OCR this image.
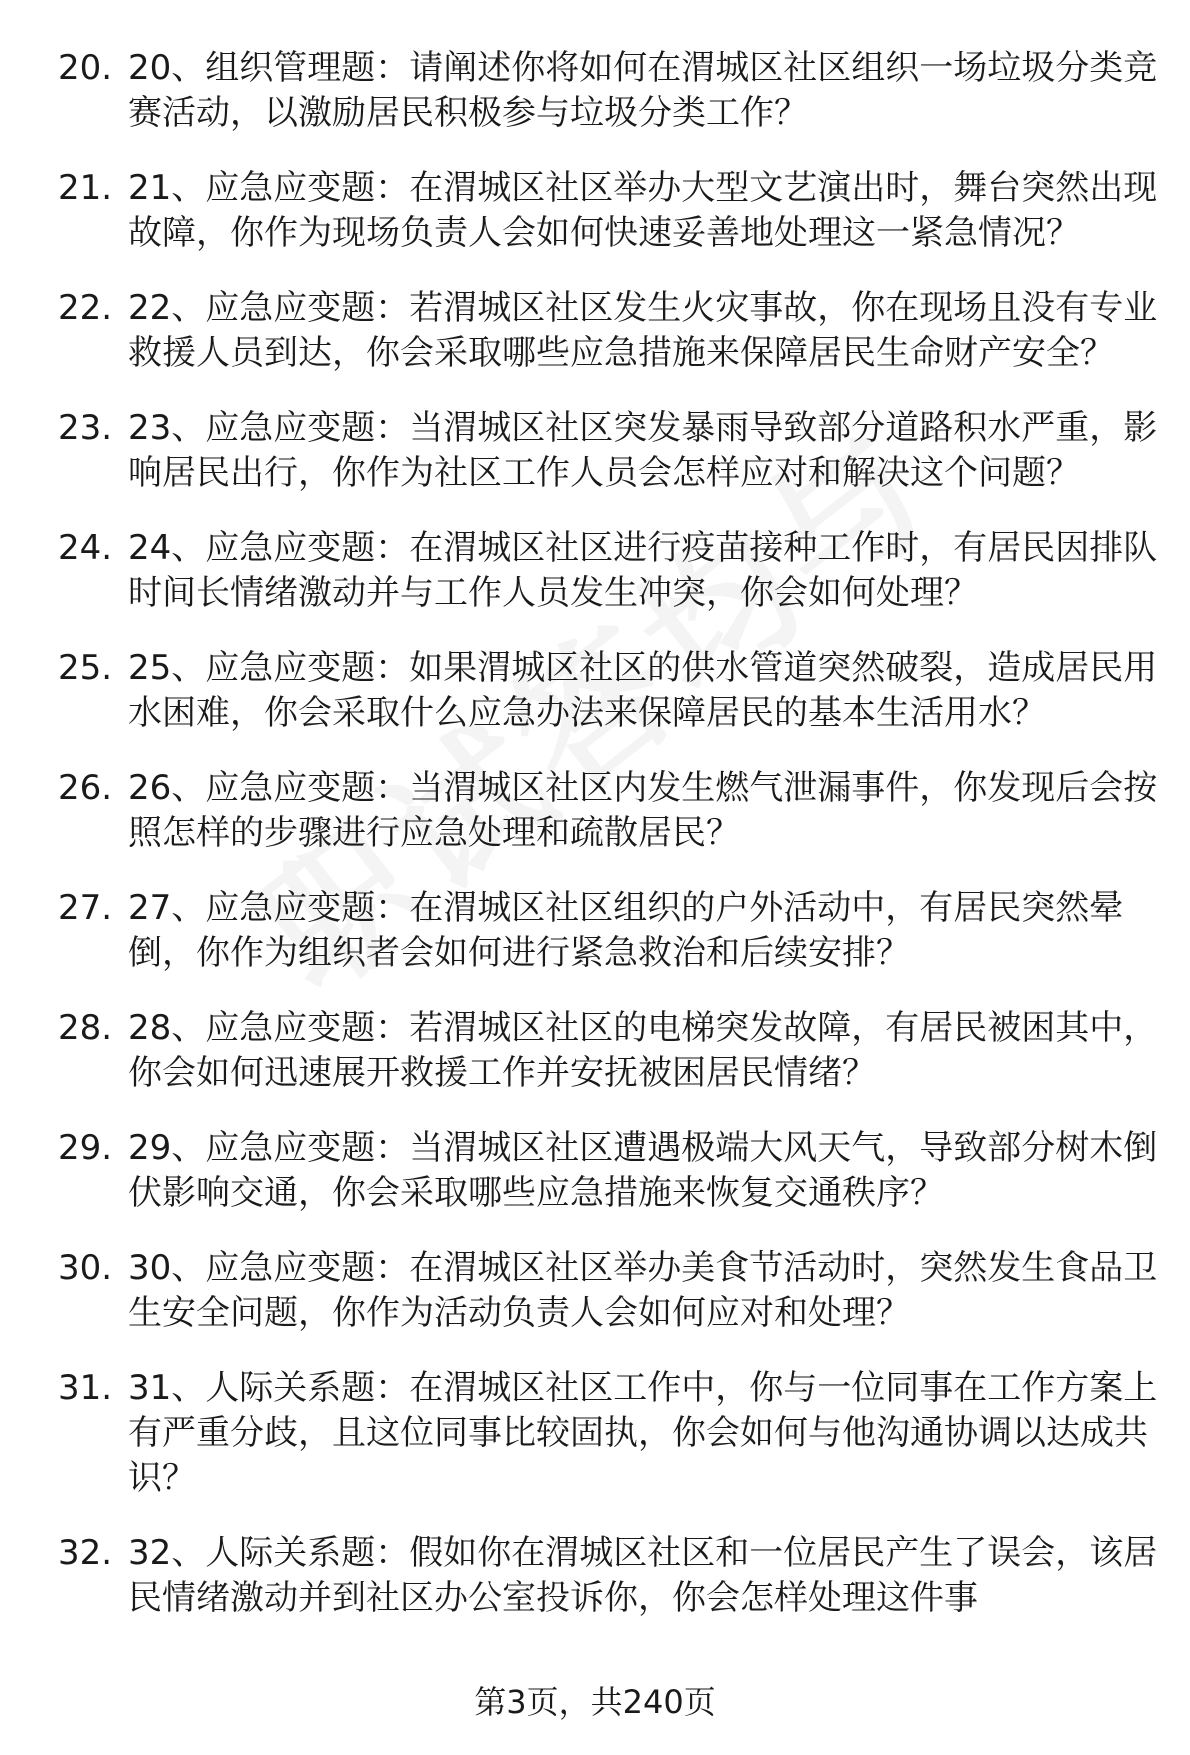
20. 20、组织管理题：请阐述你将如何在渭城区社区组织一场垃圾分类竞赛活动，以激励居民积极参与垃圾分类工作？
21. 21、应急应变题：在渭城区社区举办大型文艺演出时，舞台突然出现故障，你作为现场负责人会如何快速妥善地处理这一紧急情况？
22. 22、应急应变题：若渭城区社区发生火灾事故，你在现场且没有专业救援人员到达，你会采取哪些应急措施来保障居民生命财产安全？
23. 23、应急应变题：当渭城区社区突发暴雨导致部分道路积水严重，影响居民出行，你作为社区工作人员会怎样应对和解决这个问题？
24. 24、应急应变题：在渭城区社区进行疫苗接种工作时，有居民因排队时间长情绪激动并与工作人员发生冲突，你会如何处理？
25. 25、应急应变题：如果渭城区社区的供水管道突然破裂，造成居民用水困难，你会采取什么应急办法来保障居民的基本生活用水？
26. 26、应急应变题：当渭城区社区内发生燃气泄漏事件，你发现后会按照怎样的步骤进行应急处理和疏散居民？
27. 27、应急应变题：在渭城区社区组织的户外活动中，有居民突然晕倒，你作为组织者会如何进行紧急救治和后续安排？
28. 28、应急应变题：若渭城区社区的电梯突发故障，有居民被困其中，你会如何迅速展开救援工作并安抚被困居民情绪？
29. 29、应急应变题：当渭城区社区遭遇极端大风天气，导致部分树木倒伏影响交通，你会采取哪些应急措施来恢复交通秩序？
30. 30、应急应变题：在渭城区社区举办美食节活动时，突然发生食品卫生安全问题，你作为活动负责人会如何应对和处理？
31. 31、人际关系题：在渭城区社区工作中，你与一位同事在工作方案上有严重分歧，且这位同事比较固执，你会如何与他沟通协调以达成共识？
32. 32、人际关系题：假如你在渭城区社区和一位居民产生了误会，该居民情绪激动并到社区办公室投诉你，你会怎样处理这件事
第3页，共240页
